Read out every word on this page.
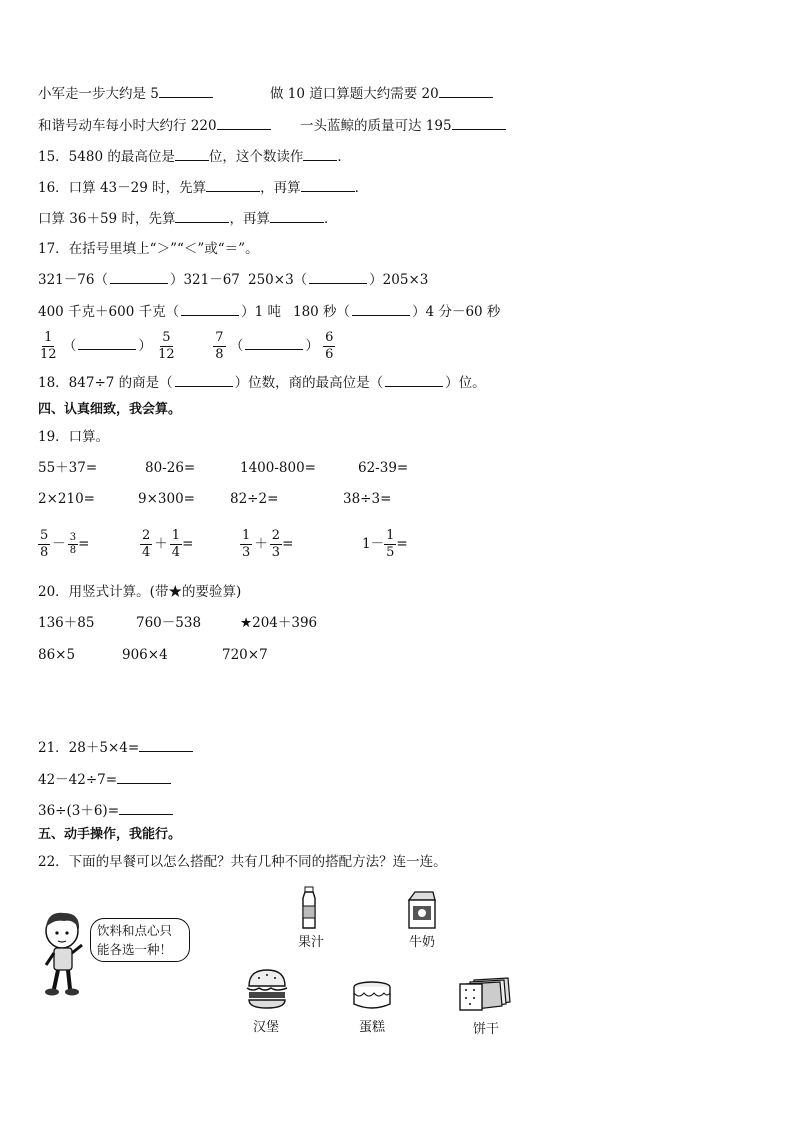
小军走一步大约是 5	做 10 道口算题大约需要 20
和谐号动车每小时大约行 220	一头蓝鲸的质量可达 195
15．5480 的最高位是	位，这个数读作	．
16．口算 43－29 时，先算	，再算	．
口算 36＋59 时，先算	，再算	．
17．在括号里填上“＞”“＜”或“＝”。
321－76（	）321－67 250×3（	）205×3
400 千克＋600 千克（	）1 吨 180 秒（	）4 分－60 秒
$\frac{1}{12}$ （	） $\frac{5}{12}$
	$\frac{7}{8}$ （	） $\frac{6}{6}$
18．847÷7 的商是（	）位数，商的最高位是（	）位。
四、认真细致，我会算。
19．口算。
55＋37=	80-26=	1400-800=	62-39=
2×210=	9×300=	82÷2=	38÷3=
$\frac{5}{8} - \frac{3}{8}$ =	$\frac{2}{4} + \frac{1}{4}$ =	$\frac{1}{3} + \frac{2}{3}$ =	$1- \frac{1}{5}$ =
20．用竖式计算。(带★的要验算)
136＋85	760－538	★204＋396
86×5	906×4	720×7
21．28＋5×4=
42－42÷7=
36÷(3＋6)=
五、动手操作，我能行。
22．下面的早餐可以怎么搭配？共有几种不同的搭配方法？连一连。
饮料和点心只
能各选一种！	果汁	牛奶
汉堡	蛋糕	饼干
